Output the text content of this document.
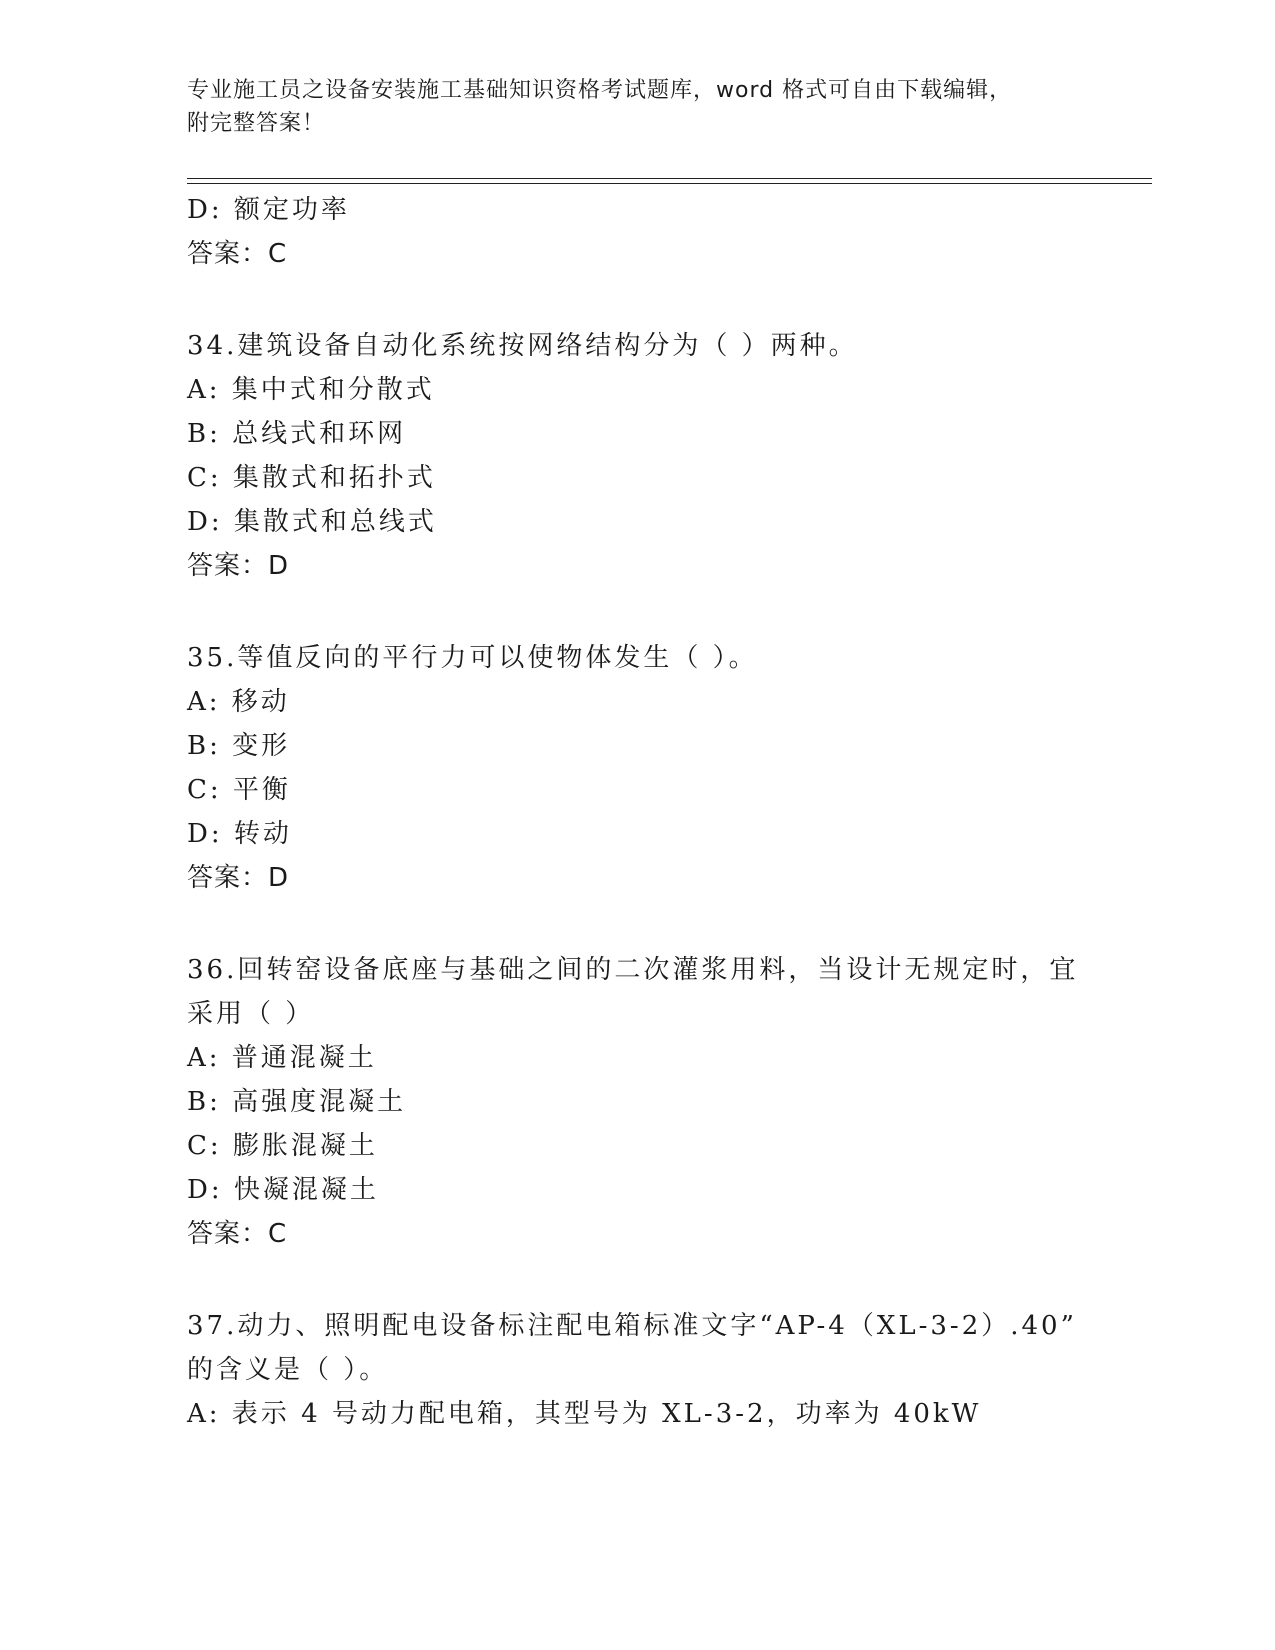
专业施工员之设备安装施工基础知识资格考试题库，word 格式可自由下载编辑，
附完整答案！
D: 额定功率
答案：C
34.建筑设备自动化系统按网络结构分为（ ）两种。
A: 集中式和分散式
B: 总线式和环网
C: 集散式和拓扑式
D: 集散式和总线式
答案：D
35.等值反向的平行力可以使物体发生（ ）。
A: 移动
B: 变形
C: 平衡
D: 转动
答案：D
36.回转窑设备底座与基础之间的二次灌浆用料，当设计无规定时，宜
采用（ ）
A: 普通混凝土
B: 高强度混凝土
C: 膨胀混凝土
D: 快凝混凝土
答案：C
37.动力、照明配电设备标注配电箱标准文字“AP-4（XL-3-2）.40”
的含义是（ ）。
A: 表示 4 号动力配电箱，其型号为 XL-3-2，功率为 40kW
